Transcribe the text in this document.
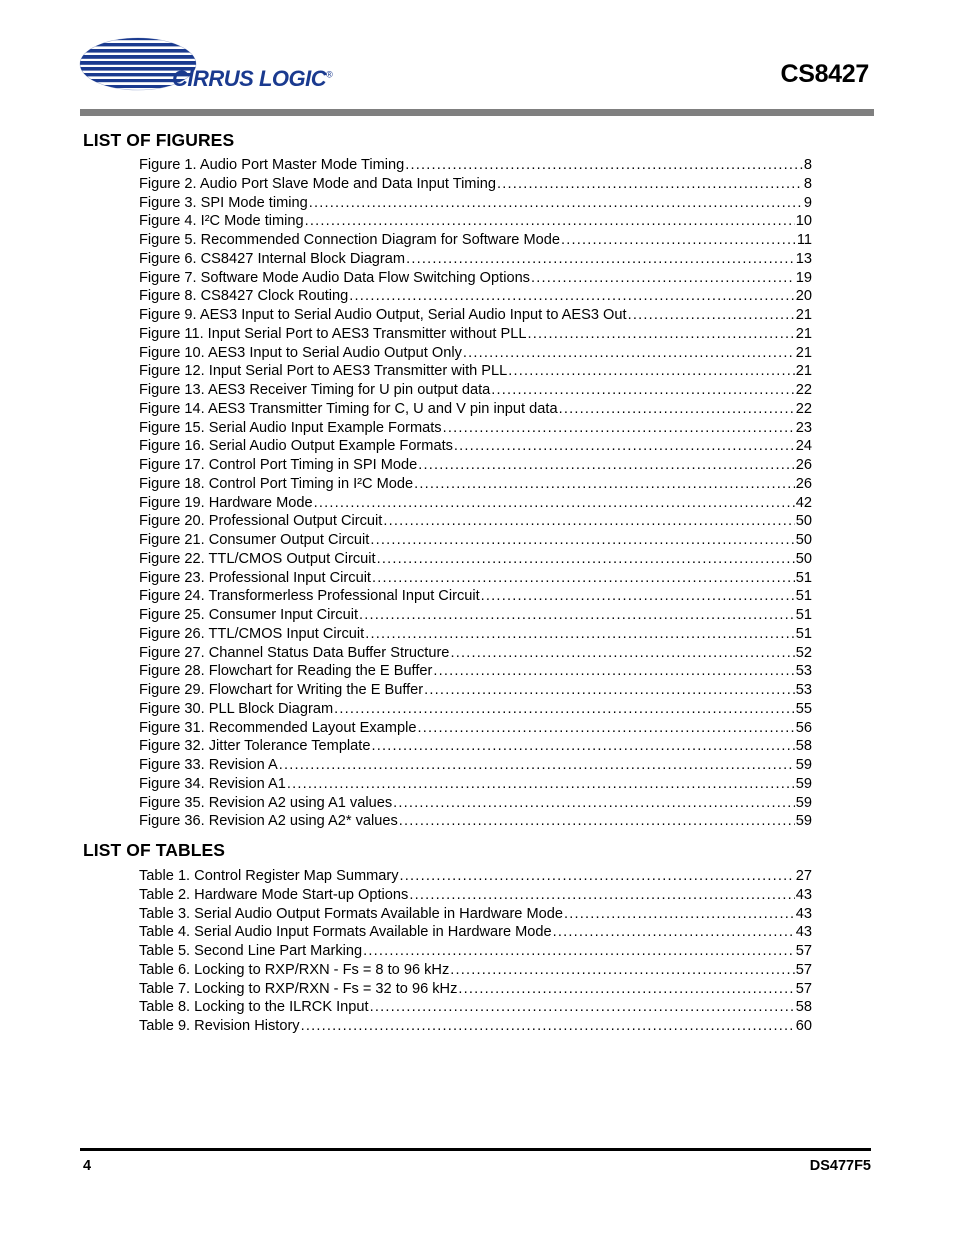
CIRRUS LOGIC®	CS8427
LIST OF FIGURES
Figure 1. Audio Port Master Mode Timing .....	8
Figure 2. Audio Port Slave Mode and Data Input Timing .....	8
Figure 3. SPI Mode timing .....	9
Figure 4. I²C Mode timing .....	10
Figure 5. Recommended Connection Diagram for Software Mode .....	11
Figure 6. CS8427 Internal Block Diagram .....	13
Figure 7. Software Mode Audio Data Flow Switching Options .....	19
Figure 8. CS8427 Clock Routing .....	20
Figure 9. AES3 Input to Serial Audio Output, Serial Audio Input to AES3 Out .....	21
Figure 11. Input Serial Port to AES3 Transmitter without PLL .....	21
Figure 10. AES3 Input to Serial Audio Output Only .....	21
Figure 12. Input Serial Port to AES3 Transmitter with PLL .....	21
Figure 13. AES3 Receiver Timing for U pin output data .....	22
Figure 14. AES3 Transmitter Timing for C, U and V pin input data .....	22
Figure 15. Serial Audio Input Example Formats .....	23
Figure 16. Serial Audio Output Example Formats .....	24
Figure 17. Control Port Timing in SPI Mode .....	26
Figure 18. Control Port Timing in I²C Mode .....	26
Figure 19. Hardware Mode .....	42
Figure 20. Professional Output Circuit .....	50
Figure 21. Consumer Output Circuit .....	50
Figure 22. TTL/CMOS Output Circuit .....	50
Figure 23. Professional Input Circuit .....	51
Figure 24. Transformerless Professional Input Circuit .....	51
Figure 25. Consumer Input Circuit .....	51
Figure 26. TTL/CMOS Input Circuit .....	51
Figure 27. Channel Status Data Buffer Structure .....	52
Figure 28. Flowchart for Reading the E Buffer .....	53
Figure 29. Flowchart for Writing the E Buffer .....	53
Figure 30. PLL Block Diagram .....	55
Figure 31. Recommended Layout Example .....	56
Figure 32. Jitter Tolerance Template .....	58
Figure 33. Revision A .....	59
Figure 34. Revision A1 .....	59
Figure 35. Revision A2 using A1 values .....	59
Figure 36. Revision A2 using A2* values .....	59
LIST OF TABLES
Table 1. Control Register Map Summary .....	27
Table 2. Hardware Mode Start-up Options .....	43
Table 3. Serial Audio Output Formats Available in Hardware Mode .....	43
Table 4. Serial Audio Input Formats Available in Hardware Mode .....	43
Table 5. Second Line Part Marking .....	57
Table 6. Locking to RXP/RXN - Fs = 8 to 96 kHz .....	57
Table 7. Locking to RXP/RXN - Fs = 32 to 96 kHz .....	57
Table 8. Locking to the ILRCK Input .....	58
Table 9. Revision History .....	60
4	DS477F5
